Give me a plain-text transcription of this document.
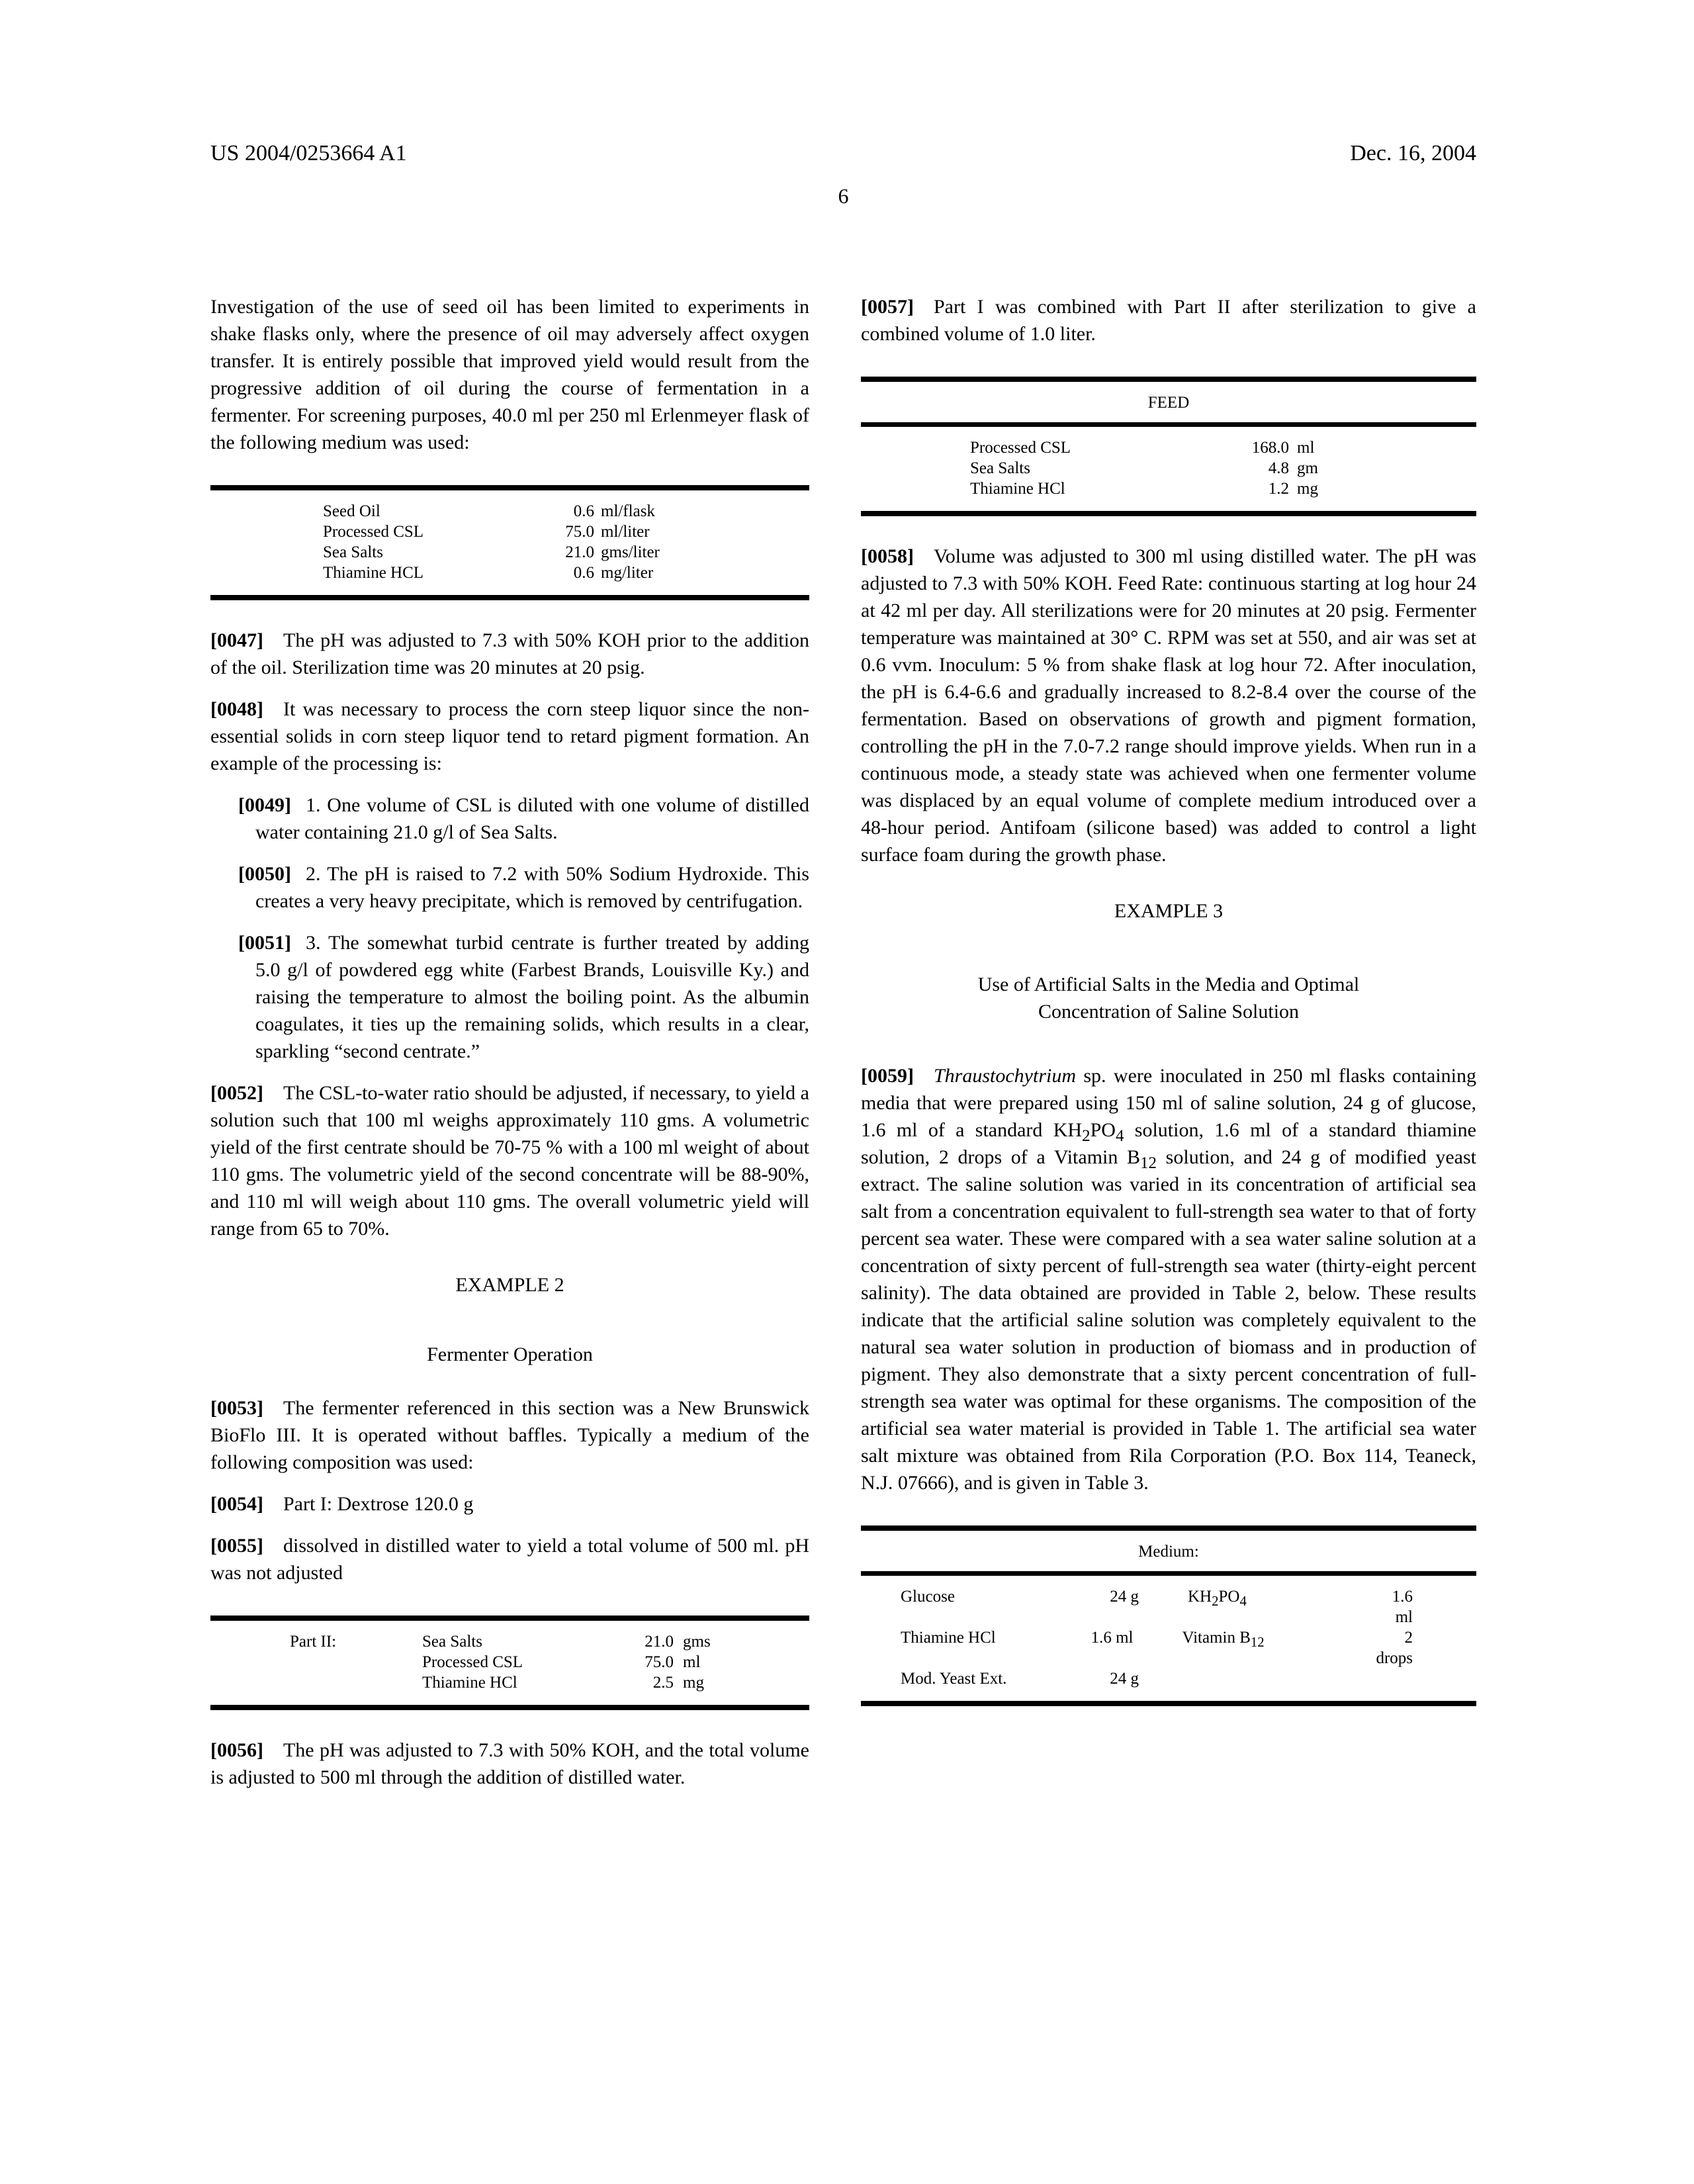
US 2004/0253664 A1	Dec. 16, 2004
6

Investigation of the use of seed oil has been limited to experiments in shake flasks only, where the presence of oil may adversely affect oxygen transfer. It is entirely possible that improved yield would result from the progressive addition of oil during the course of fermentation in a fermenter. For screening purposes, 40.0 ml per 250 ml Erlenmeyer flask of the following medium was used:

Seed Oil	0.6 ml/flask
Processed CSL	75.0 ml/liter
Sea Salts	21.0 gms/liter
Thiamine HCL	0.6 mg/liter

[0047] The pH was adjusted to 7.3 with 50% KOH prior to the addition of the oil. Sterilization time was 20 minutes at 20 psig.

[0048] It was necessary to process the corn steep liquor since the non-essential solids in corn steep liquor tend to retard pigment formation. An example of the processing is:

[0049] 1. One volume of CSL is diluted with one volume of distilled water containing 21.0 g/l of Sea Salts.

[0050] 2. The pH is raised to 7.2 with 50% Sodium Hydroxide. This creates a very heavy precipitate, which is removed by centrifugation.

[0051] 3. The somewhat turbid centrate is further treated by adding 5.0 g/l of powdered egg white (Farbest Brands, Louisville Ky.) and raising the temperature to almost the boiling point. As the albumin coagulates, it ties up the remaining solids, which results in a clear, sparkling “second centrate.”

[0052] The CSL-to-water ratio should be adjusted, if necessary, to yield a solution such that 100 ml weighs approximately 110 gms. A volumetric yield of the first centrate should be 70-75 % with a 100 ml weight of about 110 gms. The volumetric yield of the second concentrate will be 88-90%, and 110 ml will weigh about 110 gms. The overall volumetric yield will range from 65 to 70%.

EXAMPLE 2
Fermenter Operation

[0053] The fermenter referenced in this section was a New Brunswick BioFlo III. It is operated without baffles. Typically a medium of the following composition was used:

[0054] Part I: Dextrose 120.0 g

[0055] dissolved in distilled water to yield a total volume of 500 ml. pH was not adjusted

Part II:	Sea Salts	21.0 gms
Processed CSL	75.0 ml
Thiamine HCl	2.5 mg

[0056] The pH was adjusted to 7.3 with 50% KOH, and the total volume is adjusted to 500 ml through the addition of distilled water.

[0057] Part I was combined with Part II after sterilization to give a combined volume of 1.0 liter.

FEED
Processed CSL	168.0 ml
Sea Salts	4.8 gm
Thiamine HCl	1.2 mg

[0058] Volume was adjusted to 300 ml using distilled water. The pH was adjusted to 7.3 with 50% KOH. Feed Rate: continuous starting at log hour 24 at 42 ml per day. All sterilizations were for 20 minutes at 20 psig. Fermenter temperature was maintained at 30° C. RPM was set at 550, and air was set at 0.6 vvm. Inoculum: 5 % from shake flask at log hour 72. After inoculation, the pH is 6.4-6.6 and gradually increased to 8.2-8.4 over the course of the fermentation. Based on observations of growth and pigment formation, controlling the pH in the 7.0-7.2 range should improve yields. When run in a continuous mode, a steady state was achieved when one fermenter volume was displaced by an equal volume of complete medium introduced over a 48-hour period. Antifoam (silicone based) was added to control a light surface foam during the growth phase.

EXAMPLE 3
Use of Artificial Salts in the Media and Optimal Concentration of Saline Solution

[0059] Thraustochytrium sp. were inoculated in 250 ml flasks containing media that were prepared using 150 ml of saline solution, 24 g of glucose, 1.6 ml of a standard $KH_2PO_4$ solution, 1.6 ml of a standard thiamine solution, 2 drops of a Vitamin $B_{12}$ solution, and 24 g of modified yeast extract. The saline solution was varied in its concentration of artificial sea salt from a concentration equivalent to full-strength sea water to that of forty percent sea water. These were compared with a sea water saline solution at a concentration of sixty percent of full-strength sea water (thirty-eight percent salinity). The data obtained are provided in Table 2, below. These results indicate that the artificial saline solution was completely equivalent to the natural sea water solution in production of biomass and in production of pigment. They also demonstrate that a sixty percent concentration of full-strength sea water was optimal for these organisms. The composition of the artificial sea water material is provided in Table 1. The artificial sea water salt mixture was obtained from Rila Corporation (P.O. Box 114, Teaneck, N.J. 07666), and is given in Table 3.

Medium:
Glucose	24 g	$KH_2PO_4$	1.6 ml
Thiamine HCl	1.6 ml	Vitamin $B_{12}$	2 drops
Mod. Yeast Ext.	24 g
